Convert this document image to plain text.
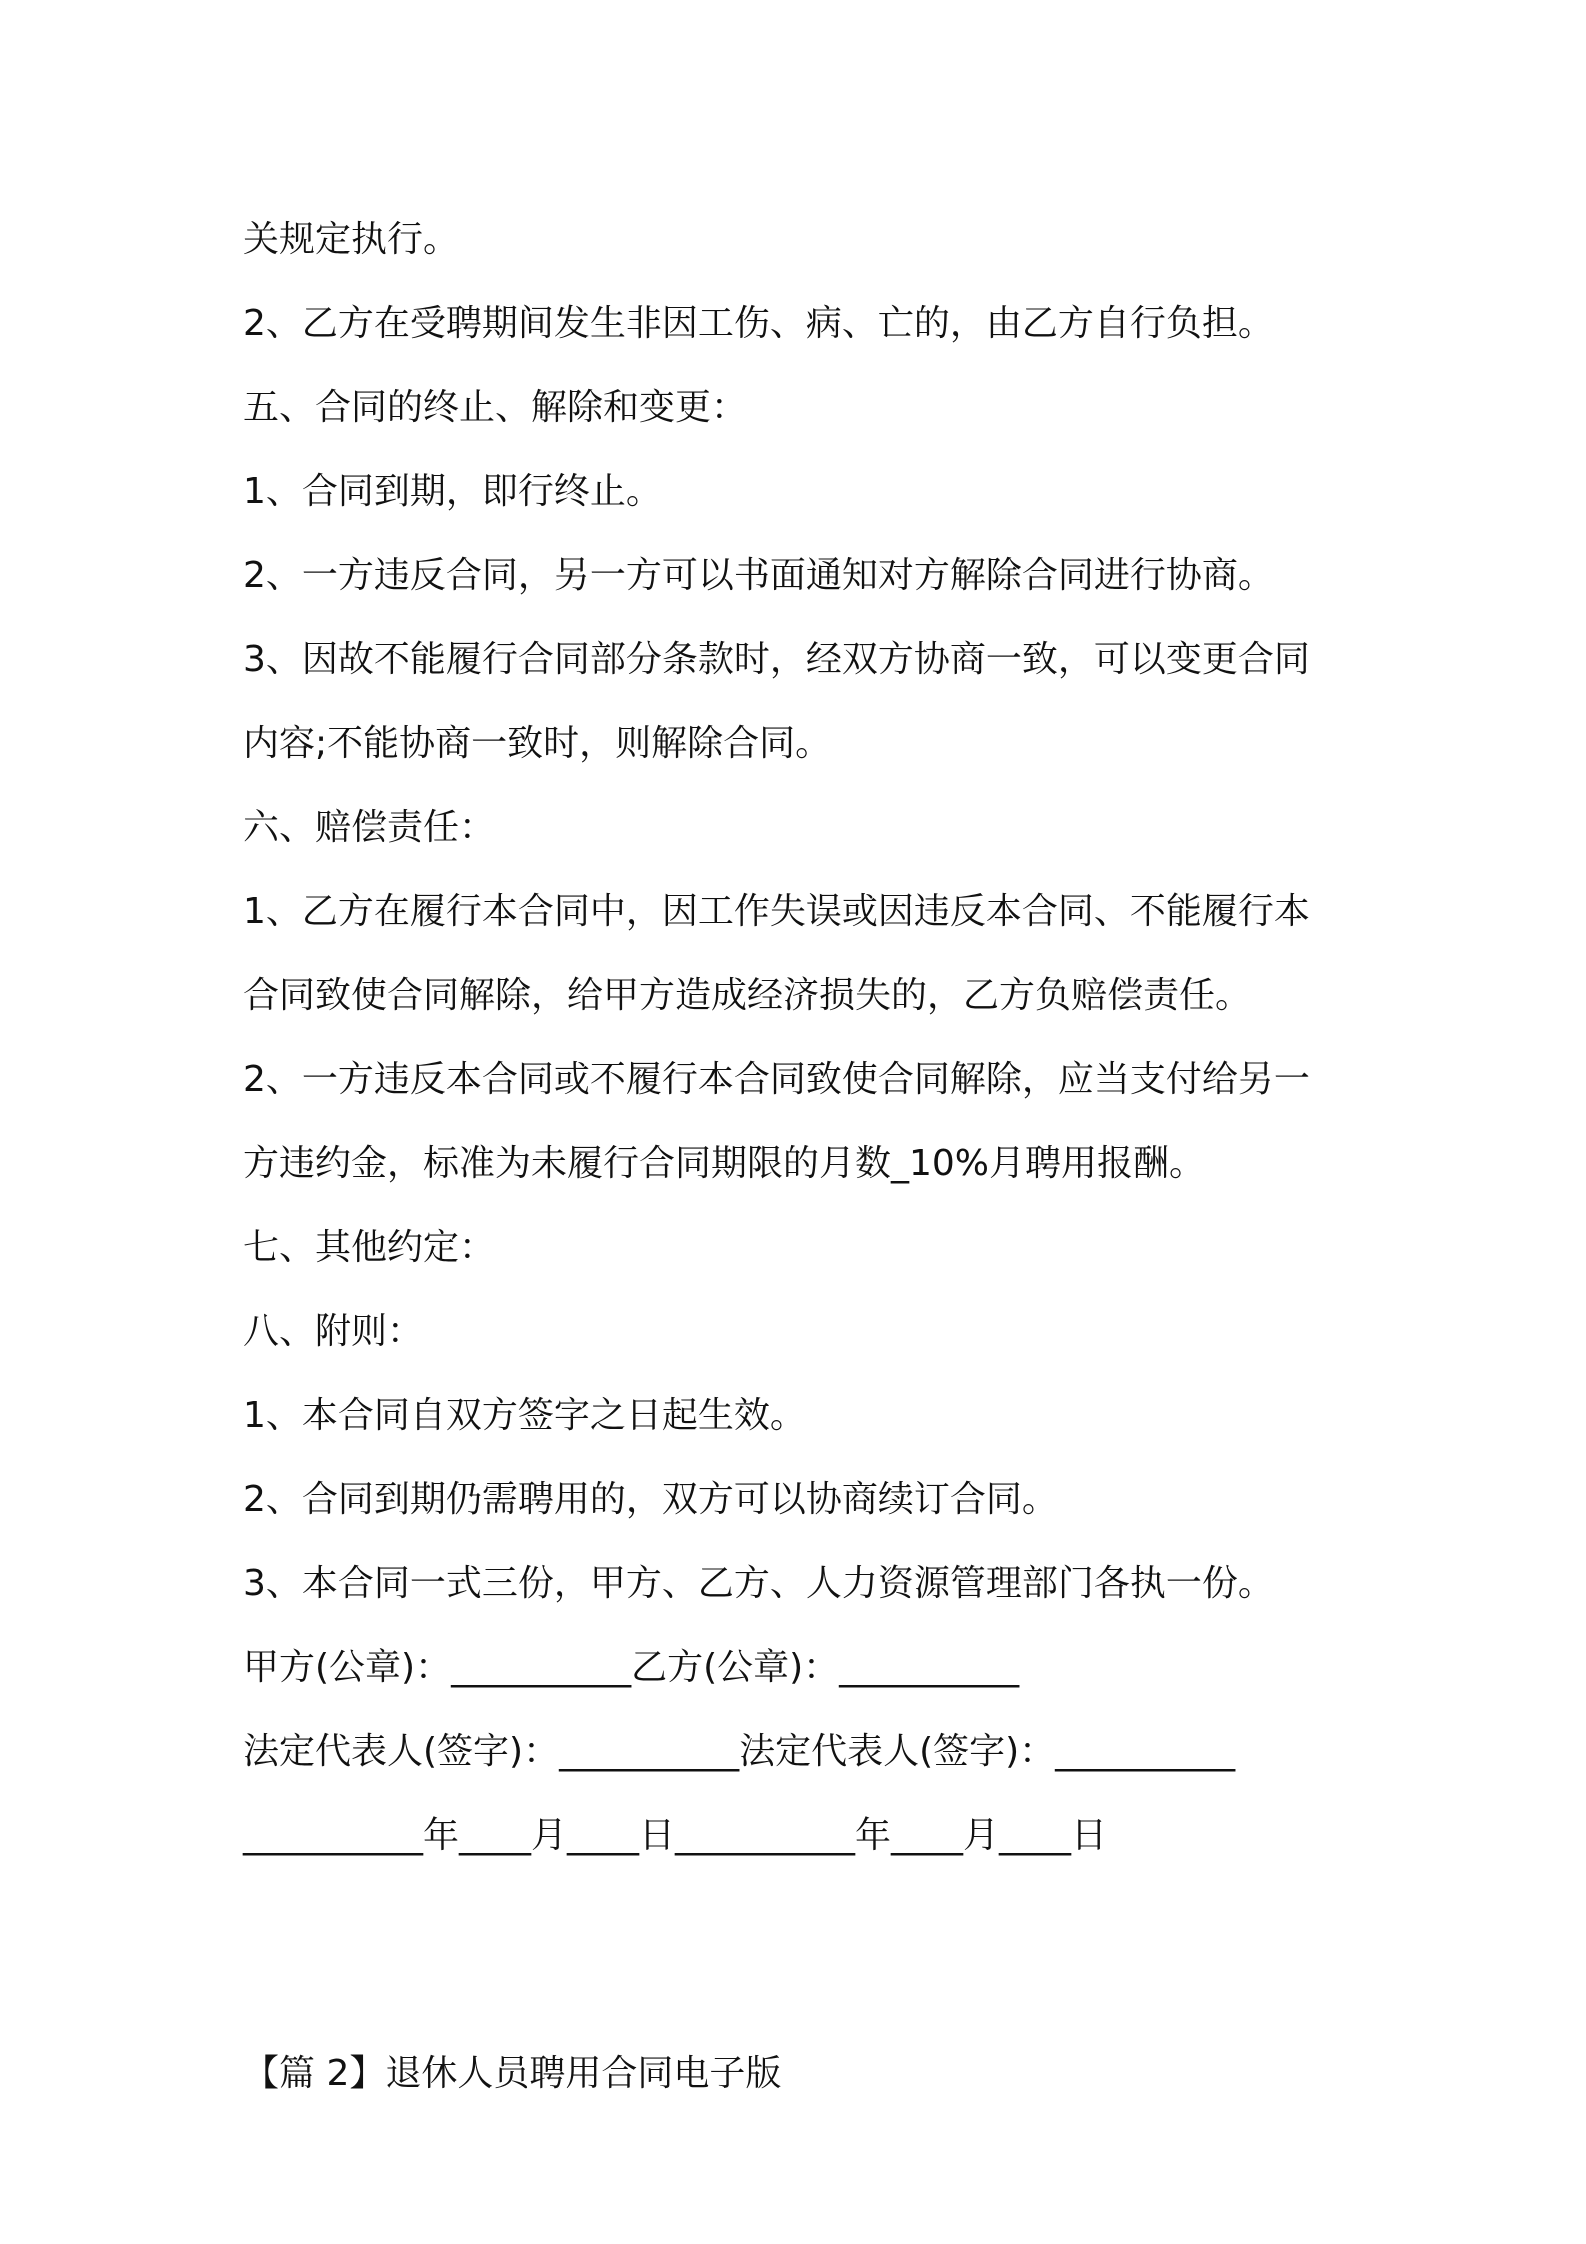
关规定执行。

2、乙方在受聘期间发生非因工伤、病、亡的，由乙方自行负担。

五、合同的终止、解除和变更：

1、合同到期，即行终止。

2、一方违反合同，另一方可以书面通知对方解除合同进行协商。

3、因故不能履行合同部分条款时，经双方协商一致，可以变更合同

内容;不能协商一致时，则解除合同。

六、赔偿责任：

1、乙方在履行本合同中，因工作失误或因违反本合同、不能履行本

合同致使合同解除，给甲方造成经济损失的，乙方负赔偿责任。

2、一方违反本合同或不履行本合同致使合同解除，应当支付给另一

方违约金，标准为未履行合同期限的月数_10%月聘用报酬。

七、其他约定：

八、附则：

1、本合同自双方签字之日起生效。

2、合同到期仍需聘用的，双方可以协商续订合同。

3、本合同一式三份，甲方、乙方、人力资源管理部门各执一份。

甲方(公章)：__________乙方(公章)：__________

法定代表人(签字)：__________法定代表人(签字)：__________

__________年____月____日__________年____月____日

【篇 2】退休人员聘用合同电子版
